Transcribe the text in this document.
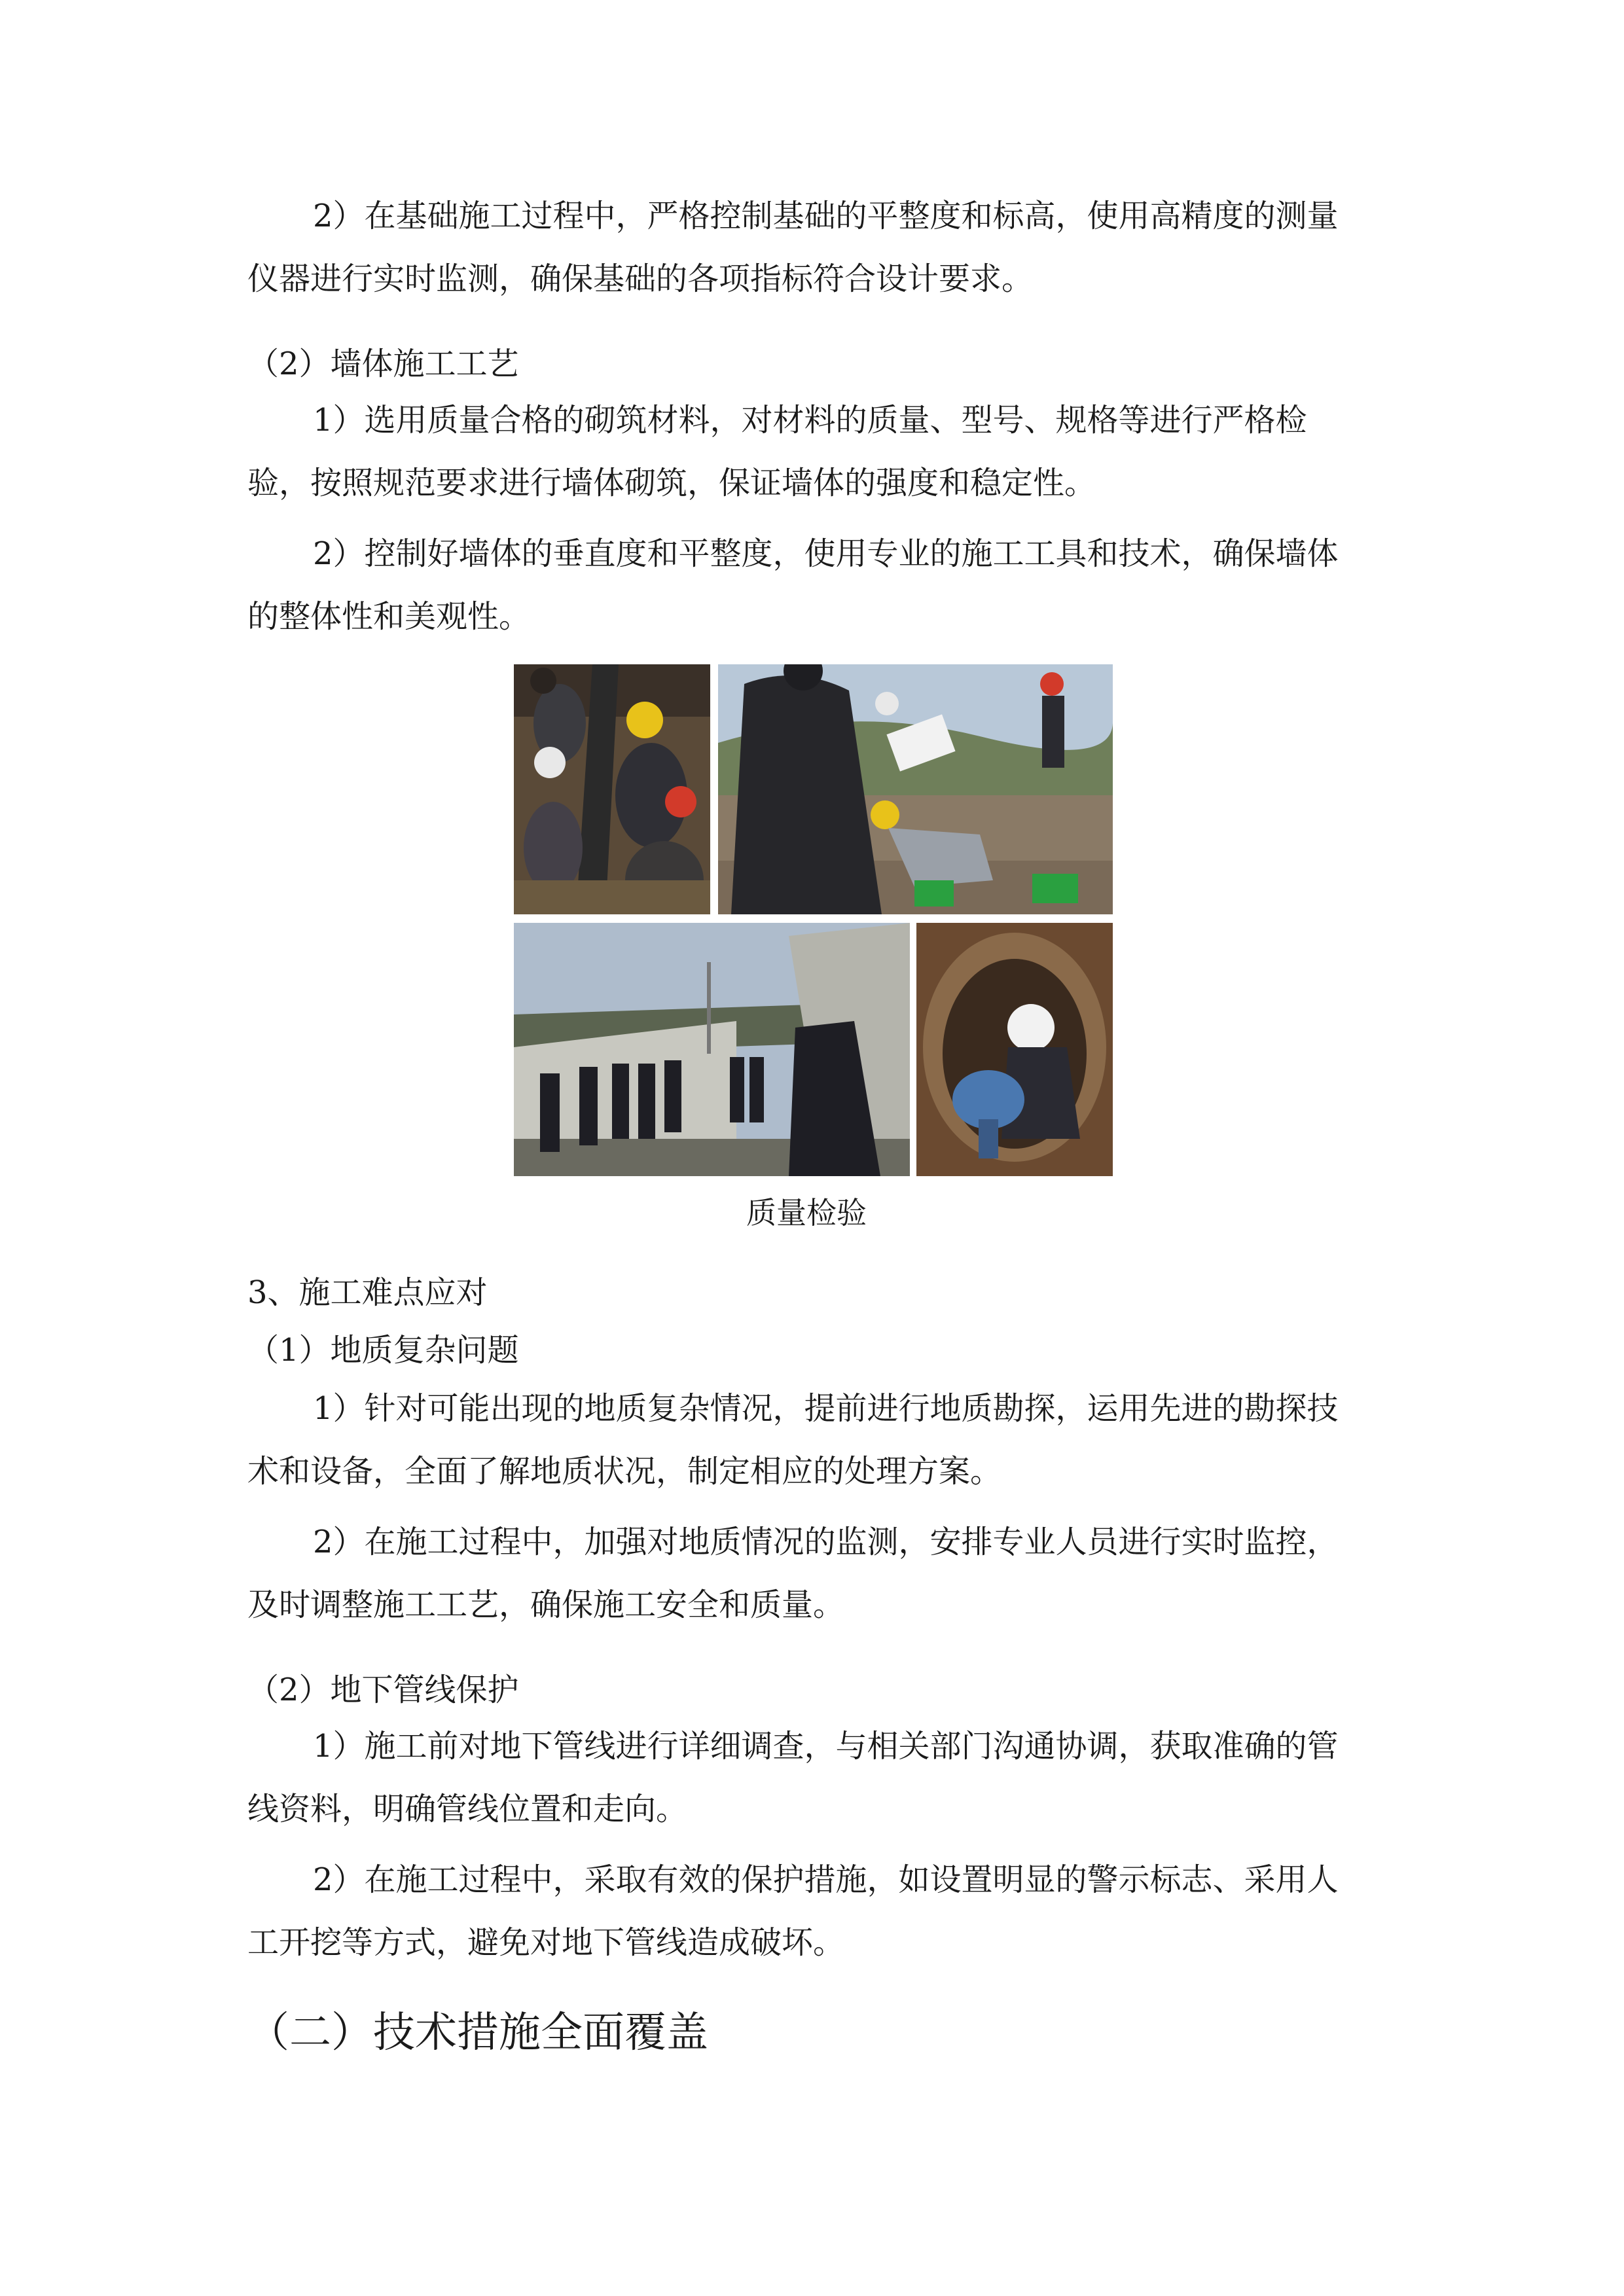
2）在基础施工过程中，严格控制基础的平整度和标高，使用高精度的测量
仪器进行实时监测，确保基础的各项指标符合设计要求。
（2）墙体施工工艺
1）选用质量合格的砌筑材料，对材料的质量、型号、规格等进行严格检
验，按照规范要求进行墙体砌筑，保证墙体的强度和稳定性。
2）控制好墙体的垂直度和平整度，使用专业的施工工具和技术，确保墙体
的整体性和美观性。
质量检验
3、施工难点应对
（1）地质复杂问题
1）针对可能出现的地质复杂情况，提前进行地质勘探，运用先进的勘探技
术和设备，全面了解地质状况，制定相应的处理方案。
2）在施工过程中，加强对地质情况的监测，安排专业人员进行实时监控，
及时调整施工工艺，确保施工安全和质量。
（2）地下管线保护
1）施工前对地下管线进行详细调查，与相关部门沟通协调，获取准确的管
线资料，明确管线位置和走向。
2）在施工过程中，采取有效的保护措施，如设置明显的警示标志、采用人
工开挖等方式，避免对地下管线造成破坏。
（二）技术措施全面覆盖
